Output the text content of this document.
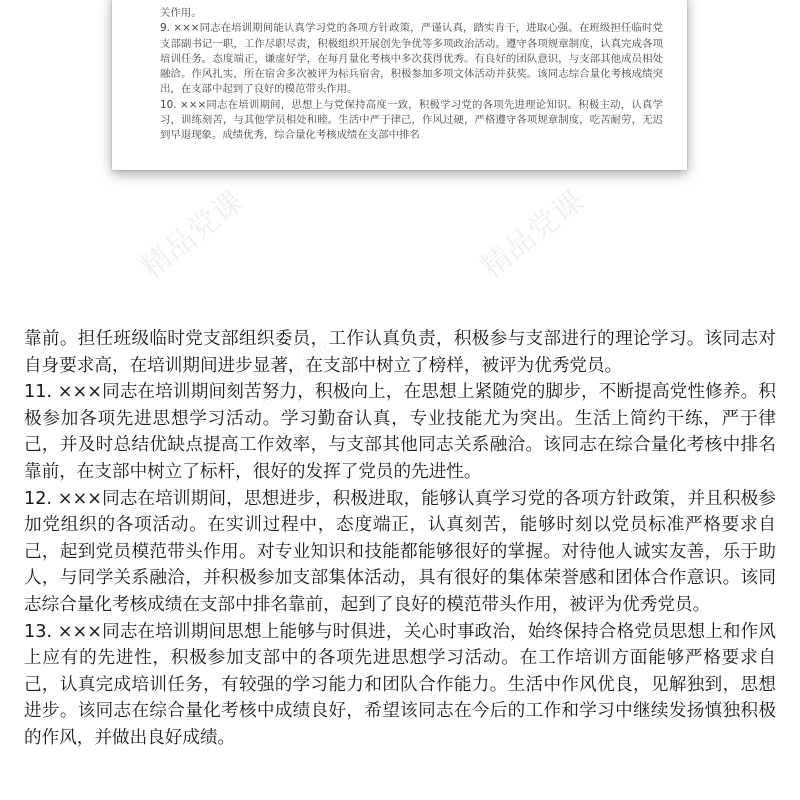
关作用。

9. ×××同志在培训期间能认真学习党的各项方针政策，严谨认真，踏实肯干，进取心强。在班级担任临时党支部副书记一职，工作尽职尽责，积极组织开展创先争优等多项政治活动。遵守各项规章制度，认真完成各项培训任务。态度端正，谦虚好学，在每月量化考核中多次获得优秀。有良好的团队意识，与支部其他成员相处融洽。作风扎实，所在宿舍多次被评为标兵宿舍，积极参加多项文体活动并获奖。该同志综合量化考核成绩突出，在支部中起到了良好的模范带头作用。

10. ×××同志在培训期间，思想上与党保持高度一致，积极学习党的各项先进理论知识。积极主动，认真学习，训练刻苦，与其他学员相处和睦。生活中严于律己，作风过硬，严格遵守各项规章制度，吃苦耐劳，无迟到早退现象。成绩优秀，综合量化考核成绩在支部中排名

精品党课	精品党课
精品党课网

靠前。担任班级临时党支部组织委员，工作认真负责，积极参与支部进行的理论学习。该同志对自身要求高，在培训期间进步显著，在支部中树立了榜样，被评为优秀党员。

11. ×××同志在培训期间刻苦努力，积极向上，在思想上紧随党的脚步，不断提高党性修养。积极参加各项先进思想学习活动。学习勤奋认真，专业技能尤为突出。生活上简约干练，严于律己，并及时总结优缺点提高工作效率，与支部其他同志关系融洽。该同志在综合量化考核中排名靠前，在支部中树立了标杆，很好的发挥了党员的先进性。

12. ×××同志在培训期间，思想进步，积极进取，能够认真学习党的各项方针政策，并且积极参加党组织的各项活动。在实训过程中，态度端正，认真刻苦，能够时刻以党员标准严格要求自己，起到党员模范带头作用。对专业知识和技能都能够很好的掌握。对待他人诚实友善，乐于助人，与同学关系融洽，并积极参加支部集体活动，具有很好的集体荣誉感和团体合作意识。该同志综合量化考核成绩在支部中排名靠前，起到了良好的模范带头作用，被评为优秀党员。

13. ×××同志在培训期间思想上能够与时俱进，关心时事政治，始终保持合格党员思想上和作风上应有的先进性，积极参加支部中的各项先进思想学习活动。在工作培训方面能够严格要求自己，认真完成培训任务，有较强的学习能力和团队合作能力。生活中作风优良，见解独到，思想进步。该同志在综合量化考核中成绩良好，希望该同志在今后的工作和学习中继续发扬慎独积极的作风，并做出良好成绩。
